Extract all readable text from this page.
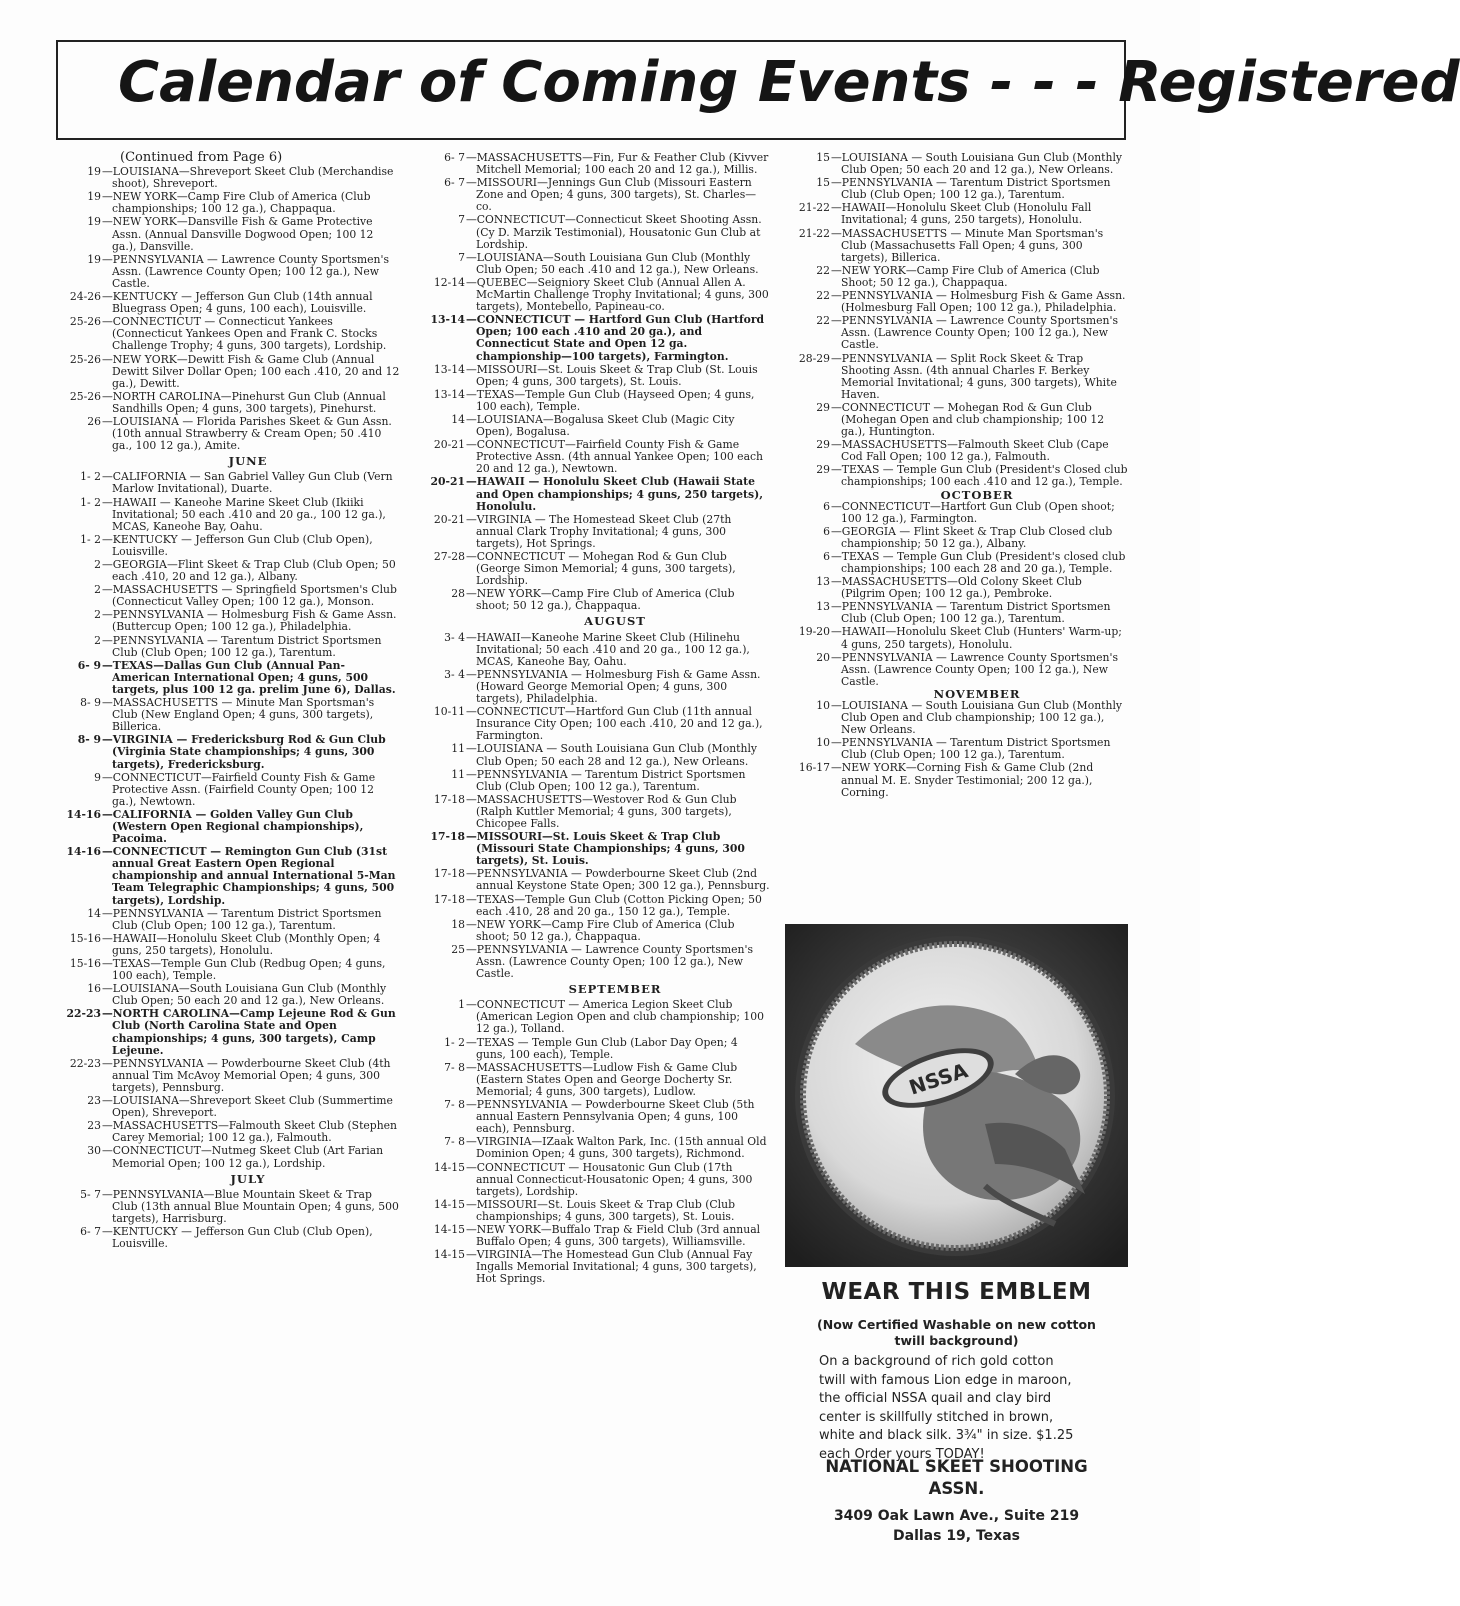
Calendar of Coming Events - - - Registered
(Continued from Page 6)
19 —LOUISIANA—Shreveport Skeet Club (Merchandise shoot), Shreveport.
19 —NEW YORK—Camp Fire Club of America (Club championships; 100 12 ga.), Chappaqua.
19 —NEW YORK—Dansville Fish & Game Protective Assn. (Annual Dansville Dogwood Open; 100 12 ga.), Dansville.
19 —PENNSYLVANIA — Lawrence County Sportsmen's Assn. (Lawrence County Open; 100 12 ga.), New Castle.
24-26 —KENTUCKY — Jefferson Gun Club (14th annual Bluegrass Open; 4 guns, 100 each), Louisville.
25-26 —CONNECTICUT — Connecticut Yankees (Connecticut Yankees Open and Frank C. Stocks Challenge Trophy; 4 guns, 300 targets), Lordship.
25-26 —NEW YORK—Dewitt Fish & Game Club (Annual Dewitt Silver Dollar Open; 100 each .410, 20 and 12 ga.), Dewitt.
25-26 —NORTH CAROLINA—Pinehurst Gun Club (Annual Sandhills Open; 4 guns, 300 targets), Pinehurst.
26 —LOUISIANA — Florida Parishes Skeet & Gun Assn. (10th annual Strawberry & Cream Open; 50 .410 ga., 100 12 ga.), Amite.
JUNE
1- 2 —CALIFORNIA — San Gabriel Valley Gun Club (Vern Marlow Invitational), Duarte.
1- 2 —HAWAII — Kaneohe Marine Skeet Club (Ikiiki Invitational; 50 each .410 and 20 ga., 100 12 ga.), MCAS, Kaneohe Bay, Oahu.
1- 2 —KENTUCKY — Jefferson Gun Club (Club Open), Louisville.
2 —GEORGIA—Flint Skeet & Trap Club (Club Open; 50 each .410, 20 and 12 ga.), Albany.
2 —MASSACHUSETTS — Springfield Sportsmen's Club (Connecticut Valley Open; 100 12 ga.), Monson.
2 —PENNSYLVANIA — Holmesburg Fish & Game Assn. (Buttercup Open; 100 12 ga.), Philadelphia.
2 —PENNSYLVANIA — Tarentum District Sportsmen Club (Club Open; 100 12 ga.), Tarentum.
6- 9 —TEXAS—Dallas Gun Club (Annual Pan-American International Open; 4 guns, 500 targets, plus 100 12 ga. prelim June 6), Dallas.
8- 9 —MASSACHUSETTS — Minute Man Sportsman's Club (New England Open; 4 guns, 300 targets), Billerica.
8- 9 —VIRGINIA — Fredericksburg Rod & Gun Club (Virginia State championships; 4 guns, 300 targets), Fredericksburg.
9 —CONNECTICUT—Fairfield County Fish & Game Protective Assn. (Fairfield County Open; 100 12 ga.), Newtown.
14-16 —CALIFORNIA — Golden Valley Gun Club (Western Open Regional championships), Pacoima.
14-16 —CONNECTICUT — Remington Gun Club (31st annual Great Eastern Open Regional championship and annual International 5-Man Team Telegraphic Championships; 4 guns, 500 targets), Lordship.
14 —PENNSYLVANIA — Tarentum District Sportsmen Club (Club Open; 100 12 ga.), Tarentum.
15-16 —HAWAII—Honolulu Skeet Club (Monthly Open; 4 guns, 250 targets), Honolulu.
15-16 —TEXAS—Temple Gun Club (Redbug Open; 4 guns, 100 each), Temple.
16 —LOUISIANA—South Louisiana Gun Club (Monthly Club Open; 50 each 20 and 12 ga.), New Orleans.
22-23 —NORTH CAROLINA—Camp Lejeune Rod & Gun Club (North Carolina State and Open championships; 4 guns, 300 targets), Camp Lejeune.
22-23 —PENNSYLVANIA — Powderbourne Skeet Club (4th annual Tim McAvoy Memorial Open; 4 guns, 300 targets), Pennsburg.
23 —LOUISIANA—Shreveport Skeet Club (Summertime Open), Shreveport.
23 —MASSACHUSETTS—Falmouth Skeet Club (Stephen Carey Memorial; 100 12 ga.), Falmouth.
30 —CONNECTICUT—Nutmeg Skeet Club (Art Farian Memorial Open; 100 12 ga.), Lordship.
JULY
5- 7 —PENNSYLVANIA—Blue Mountain Skeet & Trap Club (13th annual Blue Mountain Open; 4 guns, 500 targets), Harrisburg.
6- 7 —KENTUCKY — Jefferson Gun Club (Club Open), Louisville.
6- 7 —MASSACHUSETTS—Fin, Fur & Feather Club (Kivver Mitchell Memorial; 100 each 20 and 12 ga.), Millis.
6- 7 —MISSOURI—Jennings Gun Club (Missouri Eastern Zone and Open; 4 guns, 300 targets), St. Charles—co.
7 —CONNECTICUT—Connecticut Skeet Shooting Assn. (Cy D. Marzik Testimonial), Housatonic Gun Club at Lordship.
7 —LOUISIANA—South Louisiana Gun Club (Monthly Club Open; 50 each .410 and 12 ga.), New Orleans.
12-14 —QUEBEC—Seigniory Skeet Club (Annual Allen A. McMartin Challenge Trophy Invitational; 4 guns, 300 targets), Montebello, Papineau-co.
13-14 —CONNECTICUT — Hartford Gun Club (Hartford Open; 100 each .410 and 20 ga.), and Connecticut State and Open 12 ga. championship—100 targets), Farmington.
13-14 —MISSOURI—St. Louis Skeet & Trap Club (St. Louis Open; 4 guns, 300 targets), St. Louis.
13-14 —TEXAS—Temple Gun Club (Hayseed Open; 4 guns, 100 each), Temple.
14 —LOUISIANA—Bogalusa Skeet Club (Magic City Open), Bogalusa.
20-21 —CONNECTICUT—Fairfield County Fish & Game Protective Assn. (4th annual Yankee Open; 100 each 20 and 12 ga.), Newtown.
20-21 —HAWAII — Honolulu Skeet Club (Hawaii State and Open championships; 4 guns, 250 targets), Honolulu.
20-21 —VIRGINIA — The Homestead Skeet Club (27th annual Clark Trophy Invitational; 4 guns, 300 targets), Hot Springs.
27-28 —CONNECTICUT — Mohegan Rod & Gun Club (George Simon Memorial; 4 guns, 300 targets), Lordship.
28 —NEW YORK—Camp Fire Club of America (Club shoot; 50 12 ga.), Chappaqua.
AUGUST
3- 4 —HAWAII—Kaneohe Marine Skeet Club (Hilinehu Invitational; 50 each .410 and 20 ga., 100 12 ga.), MCAS, Kaneohe Bay, Oahu.
3- 4 —PENNSYLVANIA — Holmesburg Fish & Game Assn. (Howard George Memorial Open; 4 guns, 300 targets), Philadelphia.
10-11 —CONNECTICUT—Hartford Gun Club (11th annual Insurance City Open; 100 each .410, 20 and 12 ga.), Farmington.
11 —LOUISIANA — South Louisiana Gun Club (Monthly Club Open; 50 each 28 and 12 ga.), New Orleans.
11 —PENNSYLVANIA — Tarentum District Sportsmen Club (Club Open; 100 12 ga.), Tarentum.
17-18 —MASSACHUSETTS—Westover Rod & Gun Club (Ralph Kuttler Memorial; 4 guns, 300 targets), Chicopee Falls.
17-18 —MISSOURI—St. Louis Skeet & Trap Club (Missouri State Championships; 4 guns, 300 targets), St. Louis.
17-18 —PENNSYLVANIA — Powderbourne Skeet Club (2nd annual Keystone State Open; 300 12 ga.), Pennsburg.
17-18 —TEXAS—Temple Gun Club (Cotton Picking Open; 50 each .410, 28 and 20 ga., 150 12 ga.), Temple.
18 —NEW YORK—Camp Fire Club of America (Club shoot; 50 12 ga.), Chappaqua.
25 —PENNSYLVANIA — Lawrence County Sportsmen's Assn. (Lawrence County Open; 100 12 ga.), New Castle.
SEPTEMBER
1 —CONNECTICUT — America Legion Skeet Club (American Legion Open and club championship; 100 12 ga.), Tolland.
1- 2 —TEXAS — Temple Gun Club (Labor Day Open; 4 guns, 100 each), Temple.
7- 8 —MASSACHUSETTS—Ludlow Fish & Game Club (Eastern States Open and George Docherty Sr. Memorial; 4 guns, 300 targets), Ludlow.
7- 8 —PENNSYLVANIA — Powderbourne Skeet Club (5th annual Eastern Pennsylvania Open; 4 guns, 100 each), Pennsburg.
7- 8 —VIRGINIA—IZaak Walton Park, Inc. (15th annual Old Dominion Open; 4 guns, 300 targets), Richmond.
14-15 —CONNECTICUT — Housatonic Gun Club (17th annual Connecticut-Housatonic Open; 4 guns, 300 targets), Lordship.
14-15 —MISSOURI—St. Louis Skeet & Trap Club (Club championships; 4 guns, 300 targets), St. Louis.
14-15 —NEW YORK—Buffalo Trap & Field Club (3rd annual Buffalo Open; 4 guns, 300 targets), Williamsville.
14-15 —VIRGINIA—The Homestead Gun Club (Annual Fay Ingalls Memorial Invitational; 4 guns, 300 targets), Hot Springs.
15 —LOUISIANA — South Louisiana Gun Club (Monthly Club Open; 50 each 20 and 12 ga.), New Orleans.
15 —PENNSYLVANIA — Tarentum District Sportsmen Club (Club Open; 100 12 ga.), Tarentum.
21-22 —HAWAII—Honolulu Skeet Club (Honolulu Fall Invitational; 4 guns, 250 targets), Honolulu.
21-22 —MASSACHUSETTS — Minute Man Sportsman's Club (Massachusetts Fall Open; 4 guns, 300 targets), Billerica.
22 —NEW YORK—Camp Fire Club of America (Club Shoot; 50 12 ga.), Chappaqua.
22 —PENNSYLVANIA — Holmesburg Fish & Game Assn. (Holmesburg Fall Open; 100 12 ga.), Philadelphia.
22 —PENNSYLVANIA — Lawrence County Sportsmen's Assn. (Lawrence County Open; 100 12 ga.), New Castle.
28-29 —PENNSYLVANIA — Split Rock Skeet & Trap Shooting Assn. (4th annual Charles F. Berkey Memorial Invitational; 4 guns, 300 targets), White Haven.
29 —CONNECTICUT — Mohegan Rod & Gun Club (Mohegan Open and club championship; 100 12 ga.), Huntington.
29 —MASSACHUSETTS—Falmouth Skeet Club (Cape Cod Fall Open; 100 12 ga.), Falmouth.
29 —TEXAS — Temple Gun Club (President's Closed club championships; 100 each .410 and 12 ga.), Temple.
OCTOBER
6 —CONNECTICUT—Hartfort Gun Club (Open shoot; 100 12 ga.), Farmington.
6 —GEORGIA — Flint Skeet & Trap Club Closed club championship; 50 12 ga.), Albany.
6 —TEXAS — Temple Gun Club (President's closed club championships; 100 each 28 and 20 ga.), Temple.
13 —MASSACHUSETTS—Old Colony Skeet Club (Pilgrim Open; 100 12 ga.), Pembroke.
13 —PENNSYLVANIA — Tarentum District Sportsmen Club (Club Open; 100 12 ga.), Tarentum.
19-20 —HAWAII—Honolulu Skeet Club (Hunters' Warm-up; 4 guns, 250 targets), Honolulu.
20 —PENNSYLVANIA — Lawrence County Sportsmen's Assn. (Lawrence County Open; 100 12 ga.), New Castle.
NOVEMBER
10 —LOUISIANA — South Louisiana Gun Club (Monthly Club Open and Club championship; 100 12 ga.), New Orleans.
10 —PENNSYLVANIA — Tarentum District Sportsmen Club (Club Open; 100 12 ga.), Tarentum.
16-17 —NEW YORK—Corning Fish & Game Club (2nd annual M. E. Snyder Testimonial; 200 12 ga.), Corning.
NSSA
WEAR THIS EMBLEM
(Now Certified Washable on new cotton
twill background)
On a background of rich gold cotton
twill with famous Lion edge in maroon,
the official NSSA quail and clay bird
center is skillfully stitched in brown,
white and black silk. 3¾" in size. $1.25
each Order yours TODAY!
NATIONAL SKEET SHOOTING
ASSN.
3409 Oak Lawn Ave., Suite 219
Dallas 19, Texas
